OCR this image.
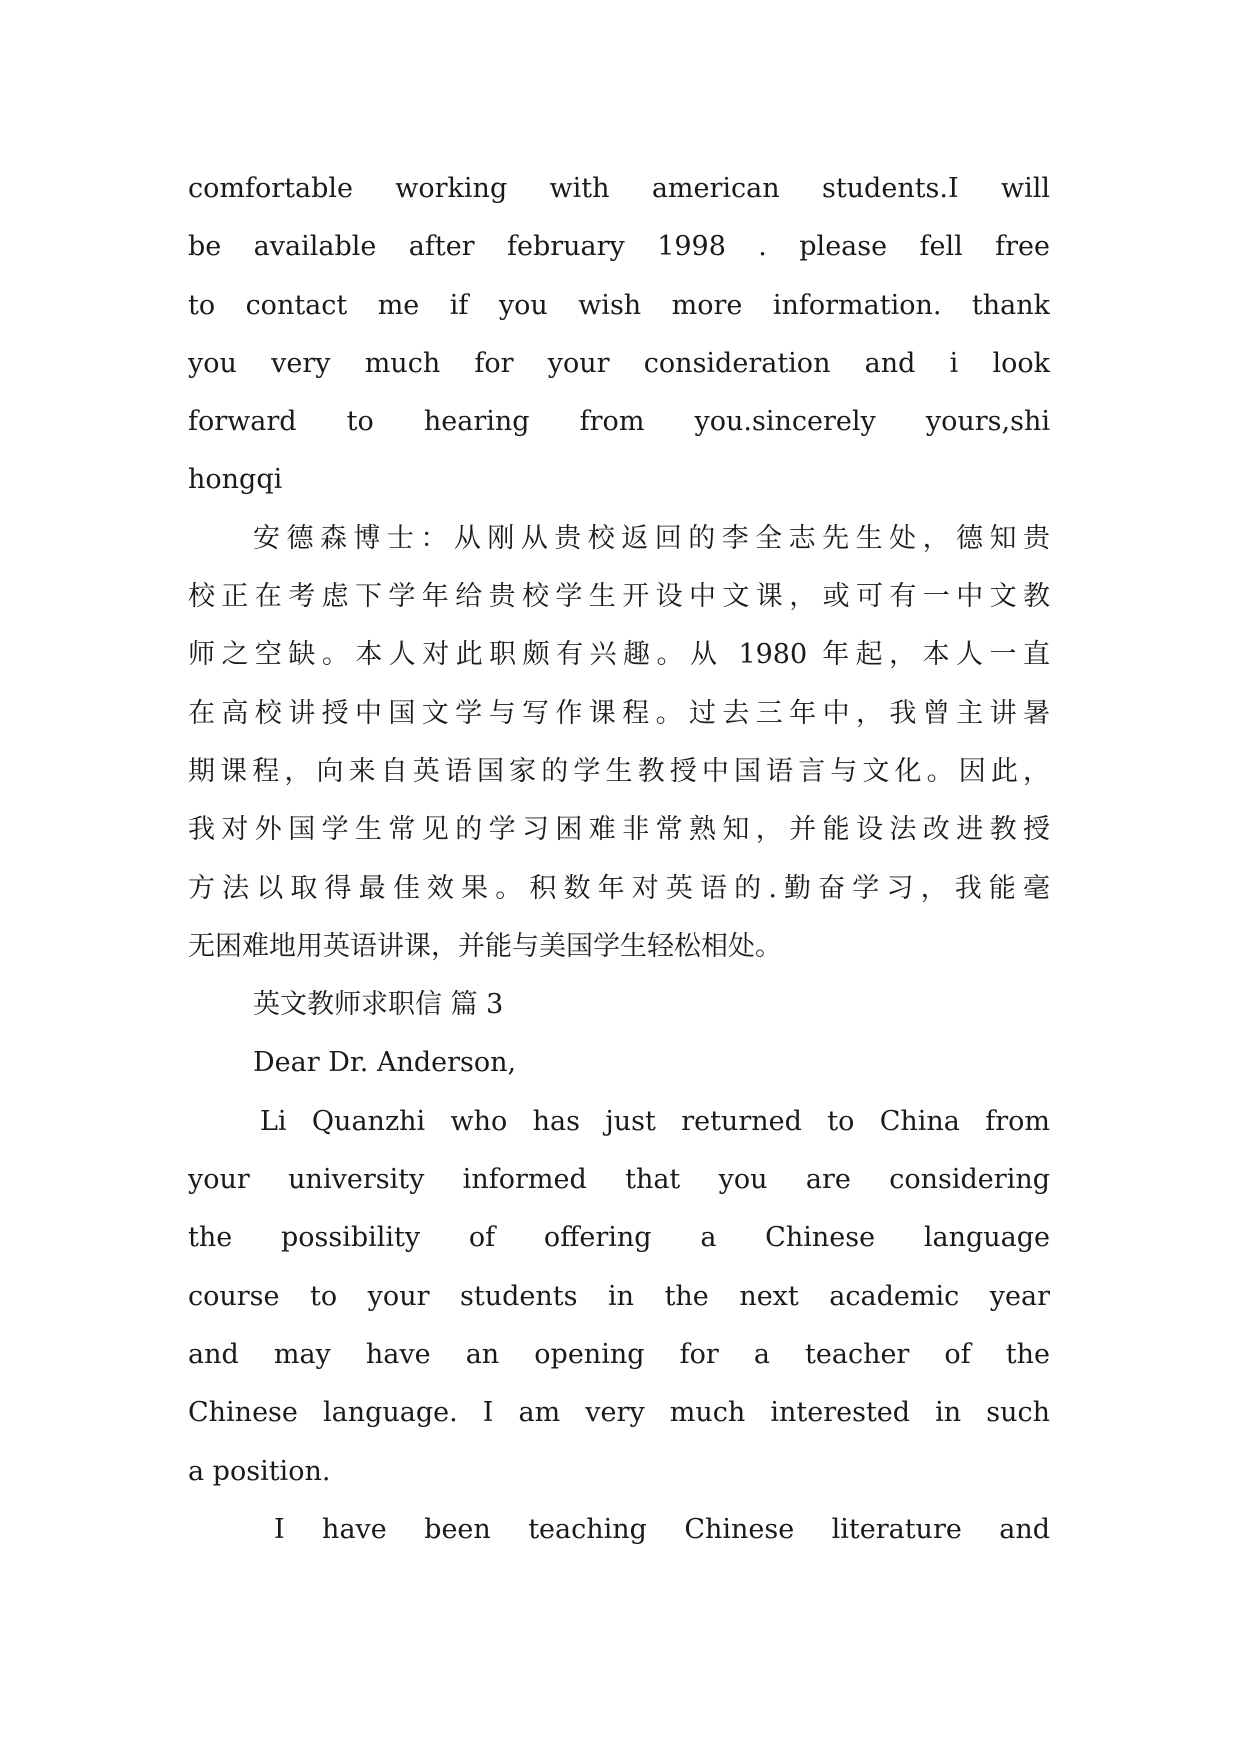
comfortable working with american students.I will
be available after february 1998 . please fell free
to contact me if you wish more information. thank
you very much for your consideration and i look
forward to hearing from you.sincerely yours,shi
hongqi
安德森博士：从刚从贵校返回的李全志先生处，德知贵
校正在考虑下学年给贵校学生开设中文课，或可有一中文教
师之空缺。本人对此职颇有兴趣。从 1980 年起，本人一直
在高校讲授中国文学与写作课程。过去三年中，我曾主讲暑
期课程，向来自英语国家的学生教授中国语言与文化。因此，
我对外国学生常见的学习困难非常熟知，并能设法改进教授
方法以取得最佳效果。积数年对英语的.勤奋学习，我能毫
无困难地用英语讲课，并能与美国学生轻松相处。
英文教师求职信 篇 3
Dear Dr. Anderson,
Li Quanzhi who has just returned to China from
your university informed that you are considering
the possibility of offering a Chinese language
course to your students in the next academic year
and may have an opening for a teacher of the
Chinese language. I am very much interested in such
a position.
I have been teaching Chinese literature and
